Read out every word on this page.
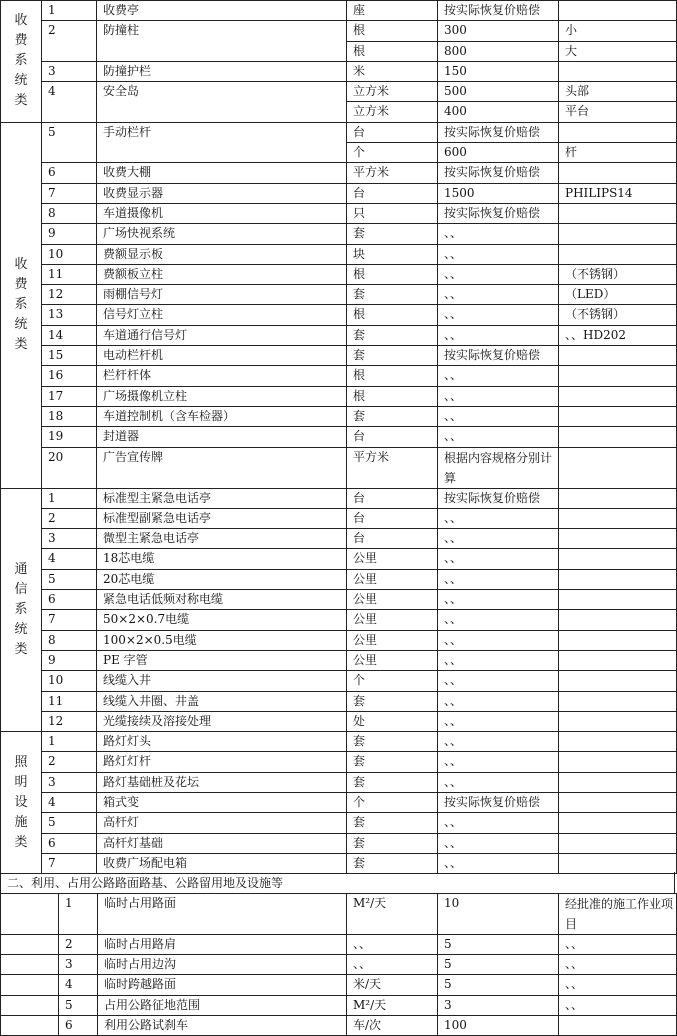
收费系统类	1	收费亭	座	按实际恢复价赔偿	
	2	防撞柱	根	300	小
			根	800	大
	3	防撞护栏	米	150	
	4	安全岛	立方米	500	头部
			立方米	400	平台

收费系统类	5	手动栏杆	台	按实际恢复价赔偿	
			个	600	杆
	6	收费大棚	平方米	按实际恢复价赔偿	
	7	收费显示器	台	1500	PHILIPS14
	8	车道摄像机	只	按实际恢复价赔偿	
	9	广场快视系统	套	、、	
	10	费额显示板	块	、、	
	11	费额板立柱	根	、、	（不锈钢）
	12	雨棚信号灯	套	、、	（LED）
	13	信号灯立柱	根	、、	（不锈钢）
	14	车道通行信号灯	套	、、	、、HD202
	15	电动栏杆机	套	按实际恢复价赔偿	
	16	栏杆杆体	根	、、	
	17	广场摄像机立柱	根	、、	
	18	车道控制机（含车检器）	套	、、	
	19	封道器	台	、、	
	20	广告宣传牌	平方米	根据内容规格分别计算	

通信系统类	1	标准型主紧急电话亭	台	按实际恢复价赔偿	
	2	标准型副紧急电话亭	台	、、	
	3	微型主紧急电话亭	台	、、	
	4	18芯电缆	公里	、、	
	5	20芯电缆	公里	、、	
	6	紧急电话低频对称电缆	公里	、、	
	7	50×2×0.7电缆	公里	、、	
	8	100×2×0.5电缆	公里	、、	
	9	PE 字管	公里	、、	
	10	线缆入井	个	、、	
	11	线缆入井圈、井盖	套	、、	
	12	光缆接续及溶接处理	处	、、	

照明设施类	1	路灯灯头	套	、、	
	2	路灯灯杆	套	、、	
	3	路灯基础桩及花坛	套	、、	
	4	箱式变	个	按实际恢复价赔偿	
	5	高杆灯	套	、、	
	6	高杆灯基础	套	、、	
	7	收费广场配电箱	套	、、	
二、利用、占用公路路面路基、公路留用地及设施等
	1	临时占用路面	M²/天	10	经批准的施工作业项目
	2	临时占用路肩	、、	5	、、
	3	临时占用边沟	、、	5	、、
	4	临时跨越路面	米/天	5	、、
	5	占用公路征地范围	M²/天	3	、、
	6	利用公路试刹车	车/次	100	
